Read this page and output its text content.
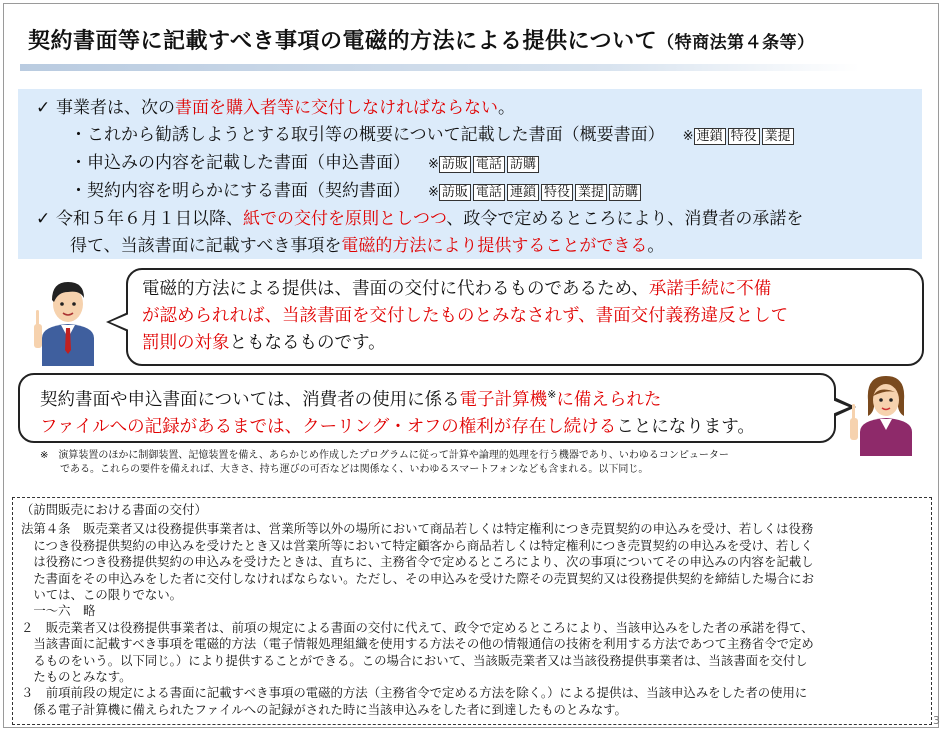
契約書面等に記載すべき事項の電磁的方法による提供について（特商法第４条等）
✓ 事業者は、次の書面を購入者等に交付しなければならない。
・これから勧誘しようとする取引等の概要について記載した書面（概要書面） ※ 連鎖 特役 業提
・申込みの内容を記載した書面（申込書面） ※ 訪販 電話 訪購
・契約内容を明らかにする書面（契約書面） ※ 訪販 電話 連鎖 特役 業提 訪購
✓ 令和５年６月１日以降、紙での交付を原則としつつ、政令で定めるところにより、消費者の承諾を
得て、当該書面に記載すべき事項を電磁的方法により提供することができる。
電磁的方法による提供は、書面の交付に代わるものであるため、承諾手続に不備
が認められれば、当該書面を交付したものとみなされず、書面交付義務違反として
罰則の対象ともなるものです。
契約書面や申込書面については、消費者の使用に係る電子計算機※に備えられた
ファイルへの記録があるまでは、クーリング・オフの権利が存在し続けることになります。
※　 演算装置のほかに制御装置、記憶装置を備え、あらかじめ作成したプログラムに従って計算や論理的処理を行う機器であり、いわゆるコンピューター
である。これらの要件を備えれば、大きさ、持ち運びの可否などは関係なく、いわゆるスマートフォンなども含まれる。以下同じ。
（訪問販売における書面の交付）
法第４条　販売業者又は役務提供事業者は、営業所等以外の場所において商品若しくは特定権利につき売買契約の申込みを受け、若しくは役務
　につき役務提供契約の申込みを受けたとき又は営業所等において特定顧客から商品若しくは特定権利につき売買契約の申込みを受け、若しく
　は役務につき役務提供契約の申込みを受けたときは、直ちに、主務省令で定めるところにより、次の事項についてその申込みの内容を記載し
　た書面をその申込みをした者に交付しなければならない。ただし、その申込みを受けた際その売買契約又は役務提供契約を締結した場合にお
　いては、この限りでない。
　一～六　略
２　販売業者又は役務提供事業者は、前項の規定による書面の交付に代えて、政令で定めるところにより、当該申込みをした者の承諾を得て、
　当該書面に記載すべき事項を電磁的方法（電子情報処理組織を使用する方法その他の情報通信の技術を利用する方法であつて主務省令で定め
　るものをいう。以下同じ。）により提供することができる。この場合において、当該販売業者又は当該役務提供事業者は、当該書面を交付し
　たものとみなす。
３　前項前段の規定による書面に記載すべき事項の電磁的方法（主務省令で定める方法を除く。）による提供は、当該申込みをした者の使用に
　係る電子計算機に備えられたファイルへの記録がされた時に当該申込みをした者に到達したものとみなす。
3
